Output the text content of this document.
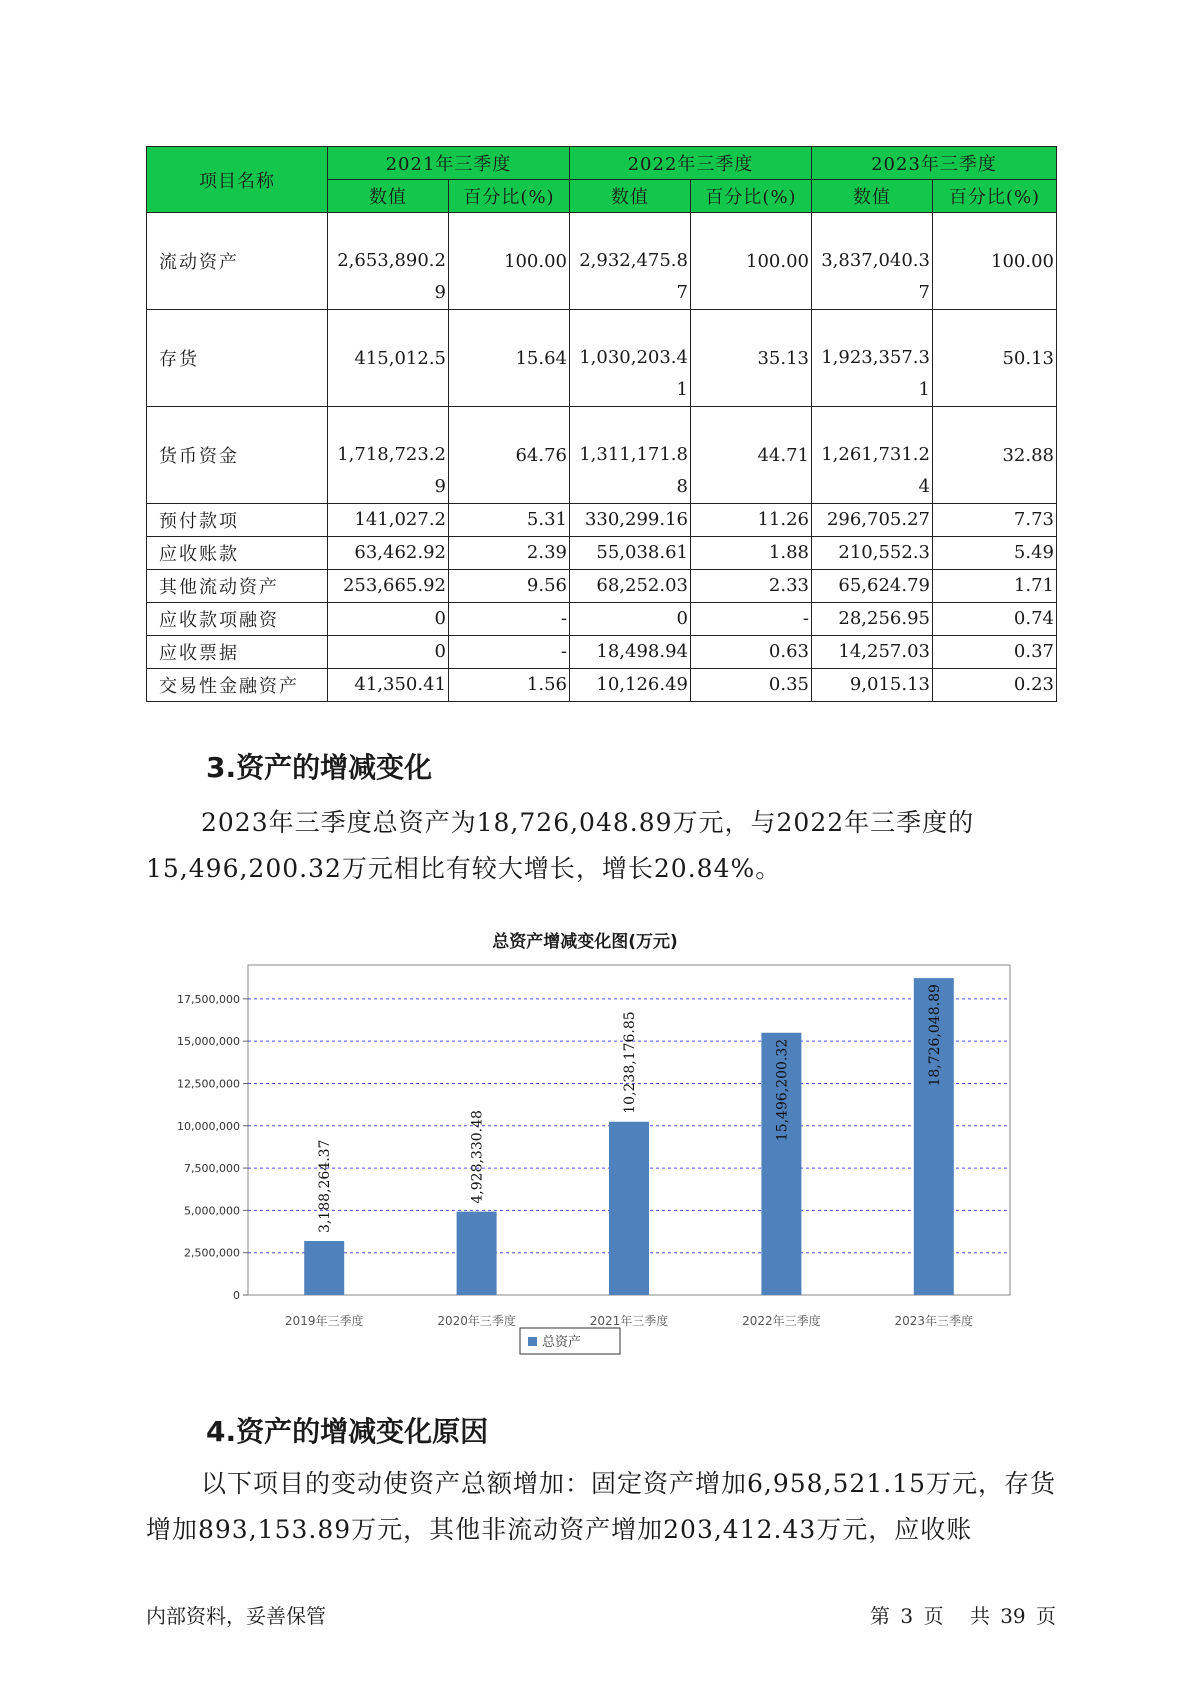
项目名称	2021年三季度		2022年三季度		2023年三季度	
	数值	百分比(%)	数值	百分比(%)	数值	百分比(%)
流动资产	2,653,890.29	100.00	2,932,475.87	100.00	3,837,040.37	100.00
存货	415,012.5	15.64	1,030,203.41	35.13	1,923,357.31	50.13
货币资金	1,718,723.29	64.76	1,311,171.88	44.71	1,261,731.24	32.88
预付款项	141,027.2	5.31	330,299.16	11.26	296,705.27	7.73
应收账款	63,462.92	2.39	55,038.61	1.88	210,552.3	5.49
其他流动资产	253,665.92	9.56	68,252.03	2.33	65,624.79	1.71
应收款项融资	0	-	0	-	28,256.95	0.74
应收票据	0	-	18,498.94	0.63	14,257.03	0.37
交易性金融资产	41,350.41	1.56	10,126.49	0.35	9,015.13	0.23
3.资产的增减变化

2023年三季度总资产为18,726,048.89万元，与2022年三季度的15,496,200.32万元相比有较大增长，增长20.84%。

0
2,500,000
5,000,000
7,500,000
10,000,000
12,500,000
15,000,000
17,500,000
2019年三季度
3,188,264.37
2020年三季度
4,928,330.48
2021年三季度
10,238,176.85
2022年三季度
15,496,200.32
2023年三季度
18,726,048.89
总资产

总资产增减变化图(万元)

4.资产的增减变化原因

以下项目的变动使资产总额增加：固定资产增加6,958,521.15万元，存货增加893,153.89万元，其他非流动资产增加203,412.43万元，应收账

内部资料，妥善保管	第 3 页 共 39 页
